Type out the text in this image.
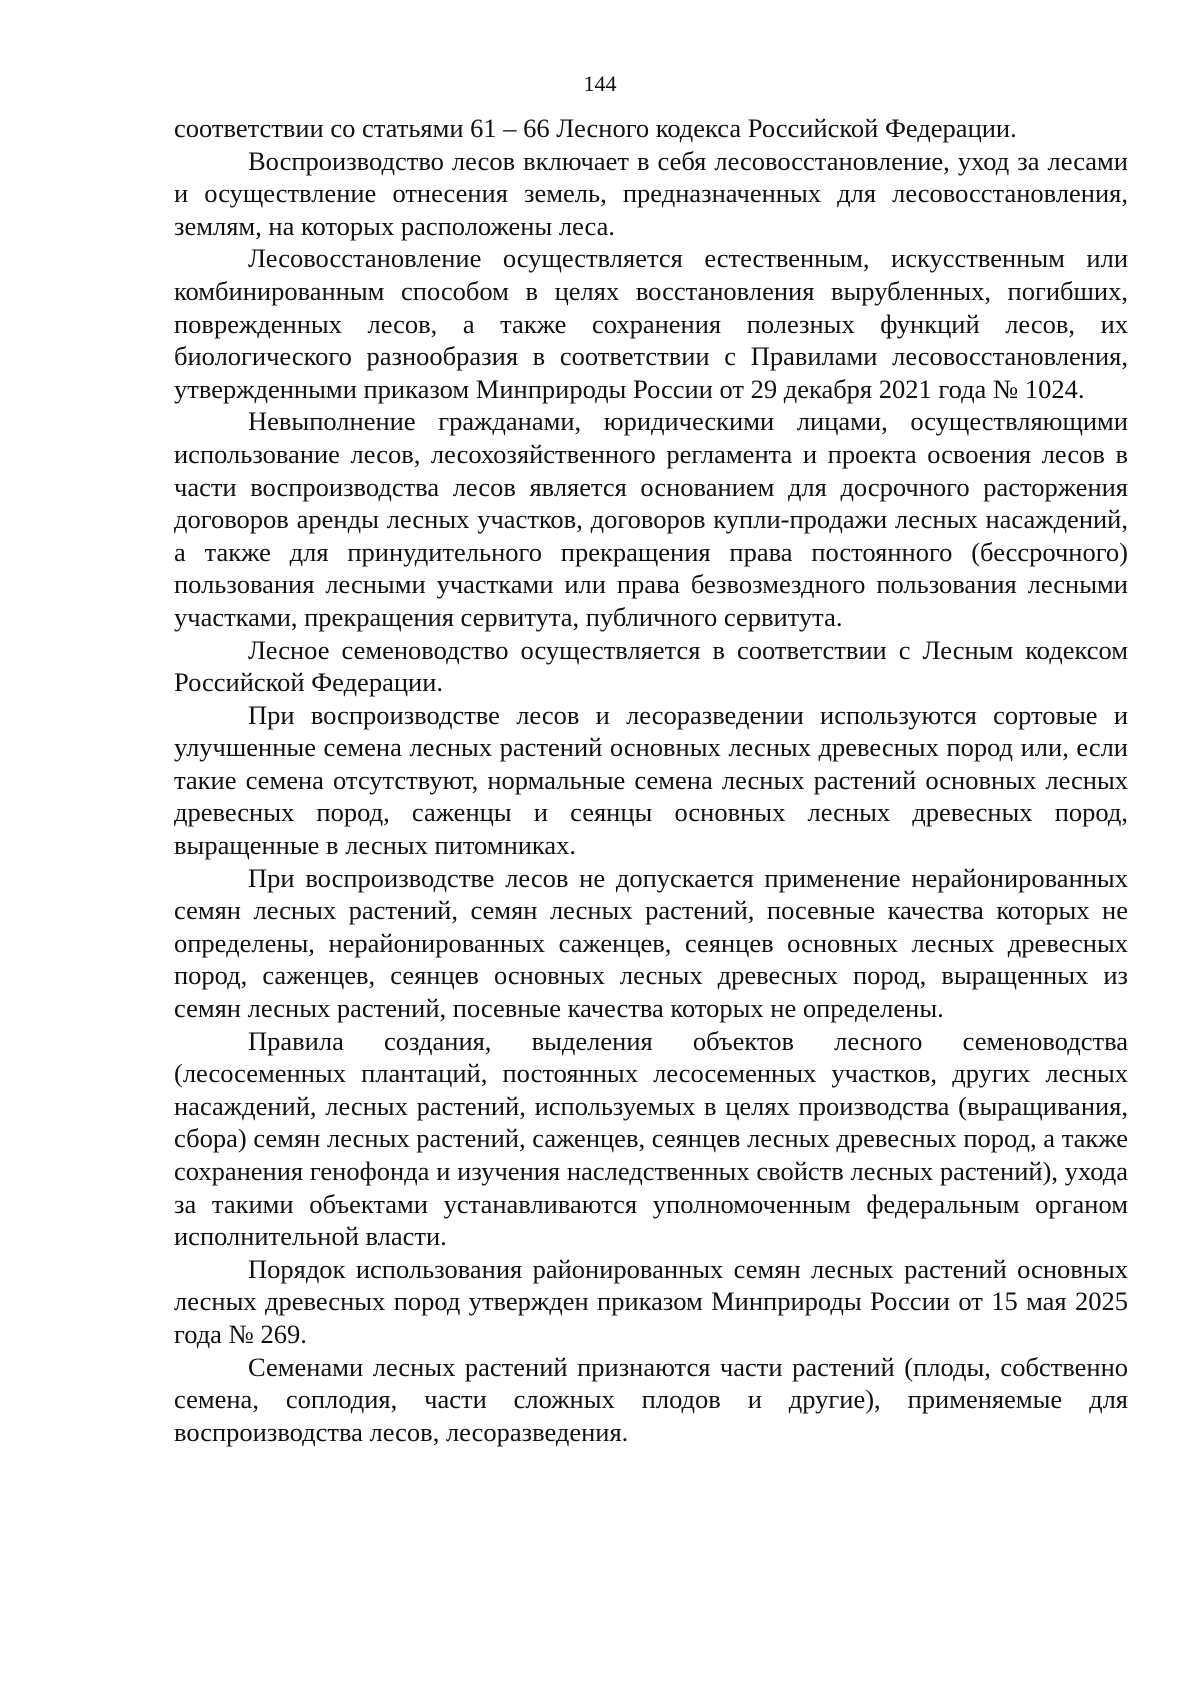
144

соответствии со статьями 61 – 66 Лесного кодекса Российской Федерации.

Воспроизводство лесов включает в себя лесовосстановление, уход за лесами и осуществление отнесения земель, предназначенных для лесовосстановления, землям, на которых расположены леса.

Лесовосстановление осуществляется естественным, искусственным или комбинированным способом в целях восстановления вырубленных, погибших, поврежденных лесов, а также сохранения полезных функций лесов, их биологического разнообразия в соответствии с Правилами лесовосстановления, утвержденными приказом Минприроды России от 29 декабря 2021 года № 1024.

Невыполнение гражданами, юридическими лицами, осуществляющими использование лесов, лесохозяйственного регламента и проекта освоения лесов в части воспроизводства лесов является основанием для досрочного расторжения договоров аренды лесных участков, договоров купли-продажи лесных насаждений, а также для принудительного прекращения права постоянного (бессрочного) пользования лесными участками или права безвозмездного пользования лесными участками, прекращения сервитута, публичного сервитута.

Лесное семеноводство осуществляется в соответствии с Лесным кодексом Российской Федерации.

При воспроизводстве лесов и лесоразведении используются сортовые и улучшенные семена лесных растений основных лесных древесных пород или, если такие семена отсутствуют, нормальные семена лесных растений основных лесных древесных пород, саженцы и сеянцы основных лесных древесных пород, выращенные в лесных питомниках.

При воспроизводстве лесов не допускается применение нерайонированных семян лесных растений, семян лесных растений, посевные качества которых не определены, нерайонированных саженцев, сеянцев основных лесных древесных пород, саженцев, сеянцев основных лесных древесных пород, выращенных из семян лесных растений, посевные качества которых не определены.

Правила создания, выделения объектов лесного семеноводства (лесосеменных плантаций, постоянных лесосеменных участков, других лесных насаждений, лесных растений, используемых в целях производства (выращивания, сбора) семян лесных растений, саженцев, сеянцев лесных древесных пород, а также сохранения генофонда и изучения наследственных свойств лесных растений), ухода за такими объектами устанавливаются уполномоченным федеральным органом исполнительной власти.

Порядок использования районированных семян лесных растений основных лесных древесных пород утвержден приказом Минприроды России от 15 мая 2025 года № 269.

Семенами лесных растений признаются части растений (плоды, собственно семена, соплодия, части сложных плодов и другие), применяемые для воспроизводства лесов, лесоразведения.
